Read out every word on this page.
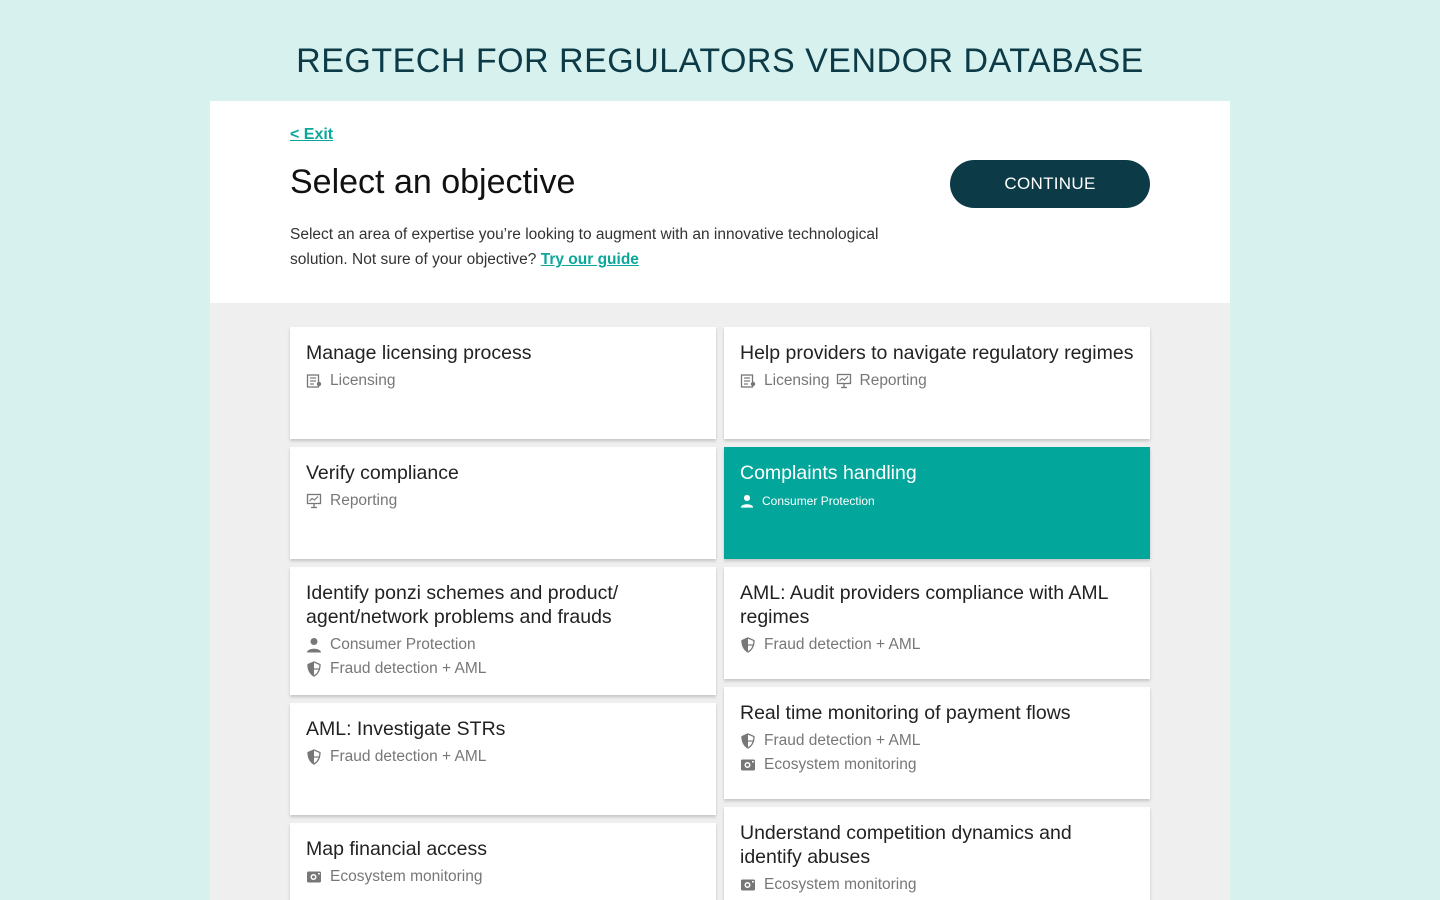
REGTECH FOR REGULATORS VENDOR DATABASE
< Exit
Select an objective	CONTINUE
Select an area of expertise you’re looking to augment with an innovative technological solution. Not sure of your objective? Try our guide
Manage licensing process
Licensing
Help providers to navigate regulatory regimes
Licensing Reporting
Verify compliance
Reporting
Complaints handling
Consumer Protection
Identify ponzi schemes and product/ agent/network problems and frauds
Consumer Protection
Fraud detection + AML
AML: Audit providers compliance with AML regimes
Fraud detection + AML
AML: Investigate STRs
Fraud detection + AML
Real time monitoring of payment flows
Fraud detection + AML
Ecosystem monitoring
Map financial access
Ecosystem monitoring
Understand competition dynamics and identify abuses
Ecosystem monitoring
